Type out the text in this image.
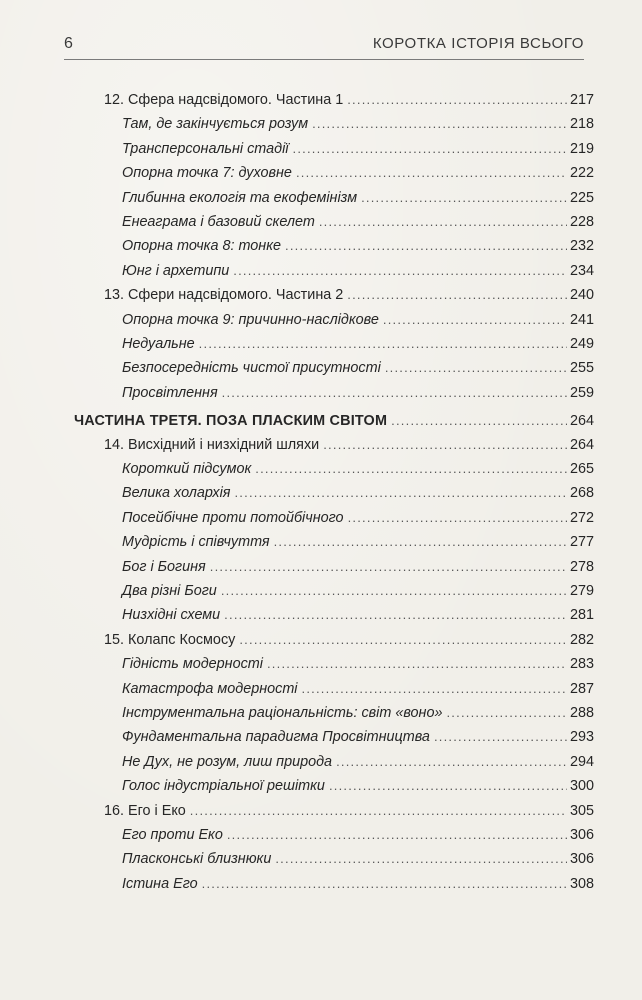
6	КОРОТКА ІСТОРІЯ ВСЬОГО
12. Сфера надсвідомого. Частина 1 . . .	217
Там, де закінчується розум . . .	218
Трансперсональні стадії . . .	219
Опорна точка 7: духовне . . .	222
Глибинна екологія та екофемінізм . . .	225
Енеаграма і базовий скелет . . .	228
Опорна точка 8: тонке . . .	232
Юнг і архетипи . . .	234
13. Сфери надсвідомого. Частина 2 . . .	240
Опорна точка 9: причинно-наслідкове . . .	241
Недуальне . . .	249
Безпосередність чистої присутності . . .	255
Просвітлення . . .	259
ЧАСТИНА ТРЕТЯ. ПОЗА ПЛАСКИМ СВІТОМ . . .	264
14. Висхідний і низхідний шляхи . . .	264
Короткий підсумок . . .	265
Велика холархія . . .	268
Посейбічне проти потойбічного . . .	272
Мудрість і співчуття . . .	277
Бог і Богиня . . .	278
Два різні Боги . . .	279
Низхідні схеми . . .	281
15. Колапс Космосу . . .	282
Гідність модерності . . .	283
Катастрофа модерності . . .	287
Інструментальна раціональність: світ «воно» . . .	288
Фундаментальна парадигма Просвітництва . . .	293
Не Дух, не розум, лиш природа . . .	294
Голос індустріальної решітки . . .	300
16. Его і Еко . . .	305
Его проти Еко . . .	306
Пласконські близнюки . . .	306
Істина Его . . .	308
